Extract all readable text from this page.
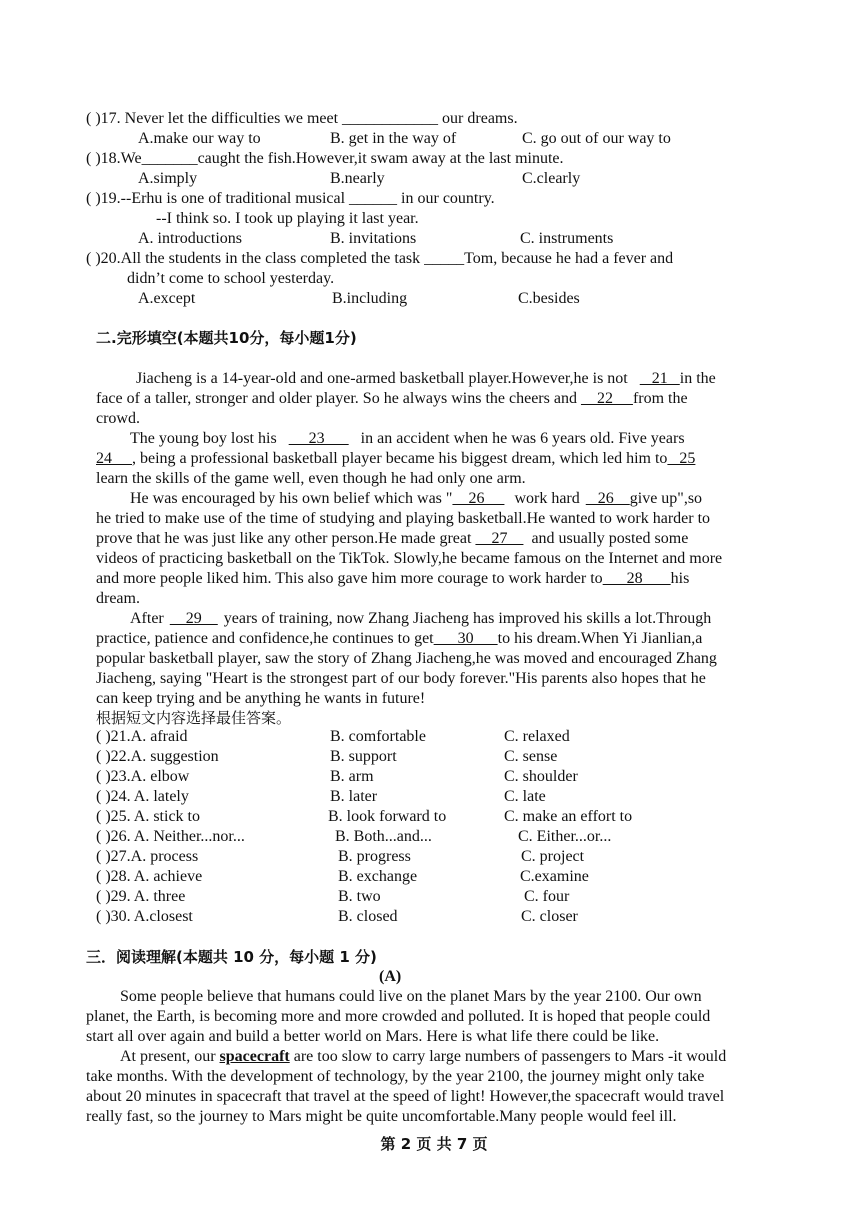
( )17. Never let the difficulties we meet ____________ our dreams.
A.make our way to	B. get in the way of	C. go out of our way to
( )18.We_______caught the fish.However,it swam away at the last minute.
A.simply	B.nearly	C.clearly
( )19.--Erhu is one of traditional musical ______ in our country.
--I think so. I took up playing it last year.
A. introductions	B. invitations	C. instruments
( )20.All the students in the class completed the task _____Tom, because he had a fever and
didn’t come to school yesterday.
A.except	B.including	C.besides
二.完形填空(本题共10分，每小题1分)
Jiacheng is a 14-year-old and one-armed basketball player.However,he is not   21   in the
face of a taller, stronger and older player. So he always wins the cheers and    22     from the
crowd.
The young boy lost his     23      in an accident when he was 6 years old. Five years
24     , being a professional basketball player became his biggest dream, which led him to   25
learn the skills of the game well, even though he had only one arm.
He was encouraged by his own belief which was "    26     work hard   26    give up",so
he tried to make use of the time of studying and playing basketball.He wanted to work harder to
prove that he was just like any other person.He made great    27    and usually posted some
videos of practicing basketball on the TikTok. Slowly,he became famous on the Internet and more
and more people liked him. This also gave him more courage to work harder to      28       his
dream.
After    29    years of training, now Zhang Jiacheng has improved his skills a lot.Through
practice, patience and confidence,he continues to get      30      to his dream.When Yi Jianlian,a
popular basketball player, saw the story of Zhang Jiacheng,he was moved and encouraged Zhang
Jiacheng, saying "Heart is the strongest part of our body forever."His parents also hopes that he
can keep trying and be anything he wants in future!
根据短文内容选择最佳答案。
( )21.A. afraid	B. comfortable	C. relaxed
( )22.A. suggestion	B. support	C. sense
( )23.A. elbow	B. arm	C. shoulder
( )24. A. lately	B. later	C. late
( )25. A. stick to	B. look forward to	C. make an effort to
( )26. A. Neither...nor...	B. Both...and...	C. Either...or...
( )27.A. process	B. progress	C. project
( )28. A. achieve	B. exchange	C.examine
( )29. A. three	B. two	C. four
( )30. A.closest	B. closed	C. closer
三．阅读理解(本题共 10 分，每小题 1 分)
(A)
Some people believe that humans could live on the planet Mars by the year 2100. Our own
planet, the Earth, is becoming more and more crowded and polluted. It is hoped that people could
start all over again and build a better world on Mars. Here is what life there could be like.
At present, our spacecraft are too slow to carry large numbers of passengers to Mars -it would
take months. With the development of technology, by the year 2100, the journey might only take
about 20 minutes in spacecraft that travel at the speed of light! However,the spacecraft would travel
really fast, so the journey to Mars might be quite uncomfortable.Many people would feel ill.
第 2 页 共 7 页
